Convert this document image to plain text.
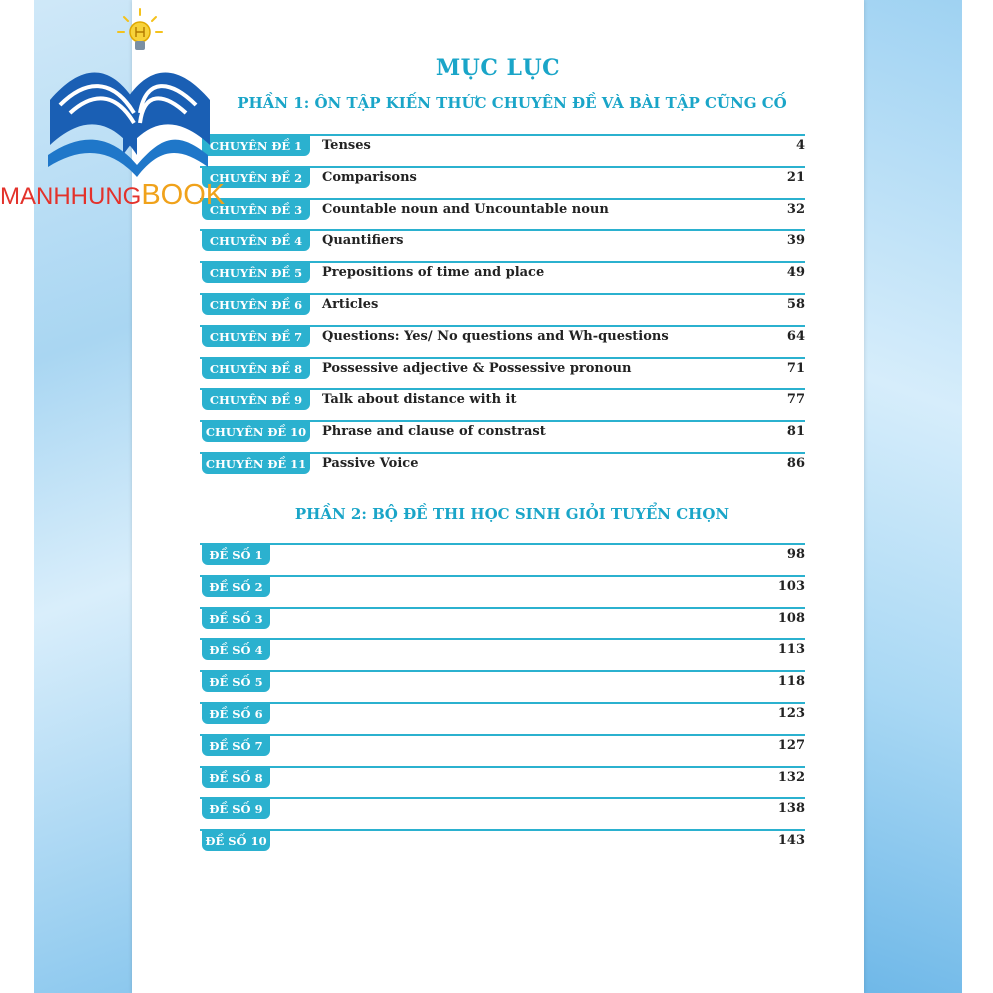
MỤC LỤC
PHẦN 1: ÔN TẬP KIẾN THỨC CHUYÊN ĐỀ VÀ BÀI TẬP CŨNG CỐ
CHUYÊN ĐỀ 1	Tenses	4
CHUYÊN ĐỀ 2	Comparisons	21
CHUYÊN ĐỀ 3	Countable noun and Uncountable noun	32
CHUYÊN ĐỀ 4	Quantifiers	39
CHUYÊN ĐỀ 5	Prepositions of time and place	49
CHUYÊN ĐỀ 6	Articles	58
CHUYÊN ĐỀ 7	Questions: Yes/ No questions and Wh-questions	64
CHUYÊN ĐỀ 8	Possessive adjective & Possessive pronoun	71
CHUYÊN ĐỀ 9	Talk about distance with it	77
CHUYÊN ĐỀ 10 Phrase and clause of constrast	81
CHUYÊN ĐỀ 11 Passive Voice	86
PHẦN 2: BỘ ĐỀ THI HỌC SINH GIỎI TUYỂN CHỌN
ĐỀ SỐ 1	98
ĐỀ SỐ 2	103
ĐỀ SỐ 3	108
ĐỀ SỐ 4	113
ĐỀ SỐ 5	118
ĐỀ SỐ 6	123
ĐỀ SỐ 7	127
ĐỀ SỐ 8	132
ĐỀ SỐ 9	138
ĐỀ SỐ 10	143
MANHHUNGBOOK
